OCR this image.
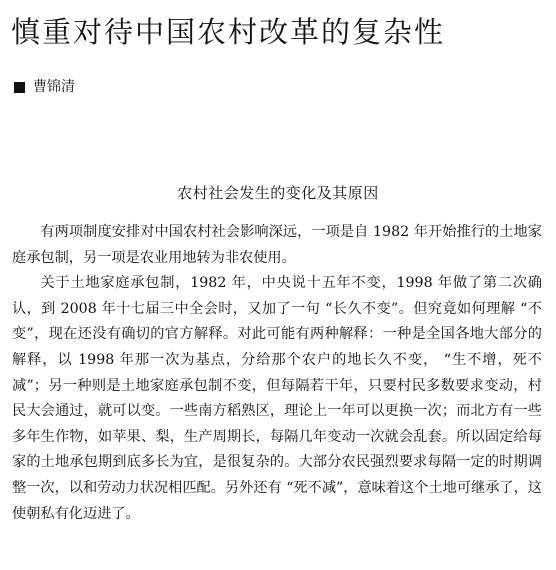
慎重对待中国农村改革的复杂性
曹锦清
农村社会发生的变化及其原因

有两项制度安排对中国农村社会影响深远，一项是自 1982 年开始推行的土地家庭承包制，另一项是农业用地转为非农使用。

关于土地家庭承包制，1982 年，中央说十五年不变，1998 年做了第二次确认，到 2008 年十七届三中全会时，又加了一句 “长久不变”。但究竟如何理解 “不变”，现在还没有确切的官方解释。对此可能有两种解释：一种是全国各地大部分的解释，以 1998 年那一次为基点，分给那个农户的地长久不变， “生不增，死不减”；另一种则是土地家庭承包制不变，但每隔若干年，只要村民多数要求变动，村民大会通过，就可以变。一些南方稻熟区，理论上一年可以更换一次；而北方有一些多年生作物，如苹果、梨，生产周期长，每隔几年变动一次就会乱套。所以固定给每家的土地承包期到底多长为宜，是很复杂的。大部分农民强烈要求每隔一定的时期调整一次，以和劳动力状况相匹配。另外还有 “死不减”，意味着这个土地可继承了，这使朝私有化迈进了。
